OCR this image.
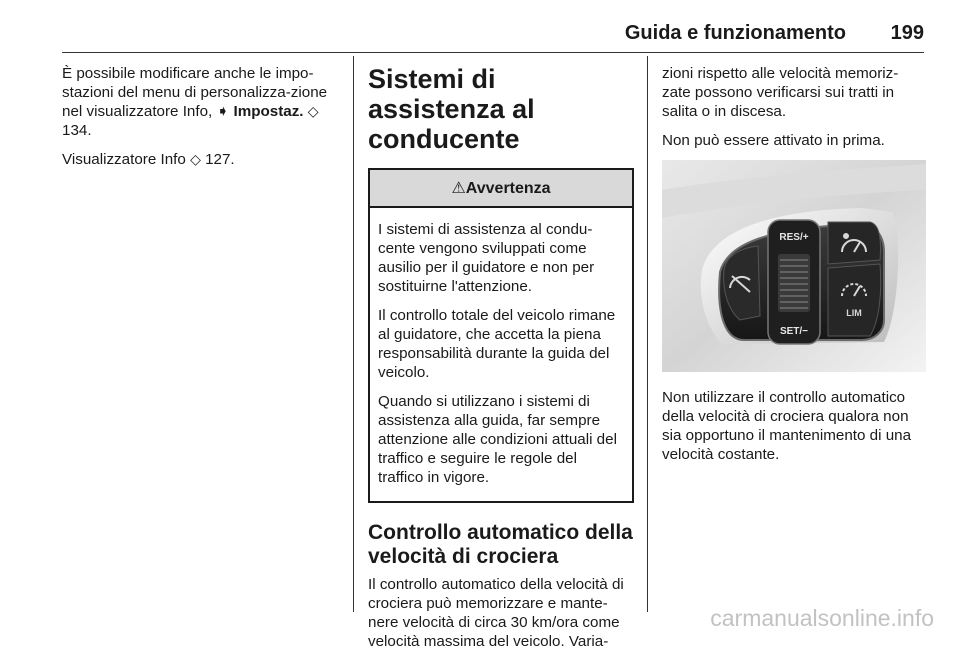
Guida e funzionamento 199

È possibile modificare anche le impo-stazioni del menu di personalizza-zione nel visualizzatore Info, ➧ Impostaz. ◇ 134.

Visualizzatore Info ◇ 127.

Sistemi di assistenza al conducente
⚠ Avvertenza

I sistemi di assistenza al condu-cente vengono sviluppati come ausilio per il guidatore e non per sostituirne l'attenzione.

Il controllo totale del veicolo rimane al guidatore, che accetta la piena responsabilità durante la guida del veicolo.

Quando si utilizzano i sistemi di assistenza alla guida, far sempre attenzione alle condizioni attuali del traffico e seguire le regole del traffico in vigore.

Controllo automatico della velocità di crociera

Il controllo automatico della velocità di crociera può memorizzare e mante-nere velocità di circa 30 km/ora come velocità massima del veicolo. Varia-

zioni rispetto alle velocità memoriz-zate possono verificarsi sui tratti in salita o in discesa.

Non può essere attivato in prima.

RES/+
SET/−
LIM

Non utilizzare il controllo automatico della velocità di crociera qualora non sia opportuno il mantenimento di una velocità costante.

carmanualsonline.info
